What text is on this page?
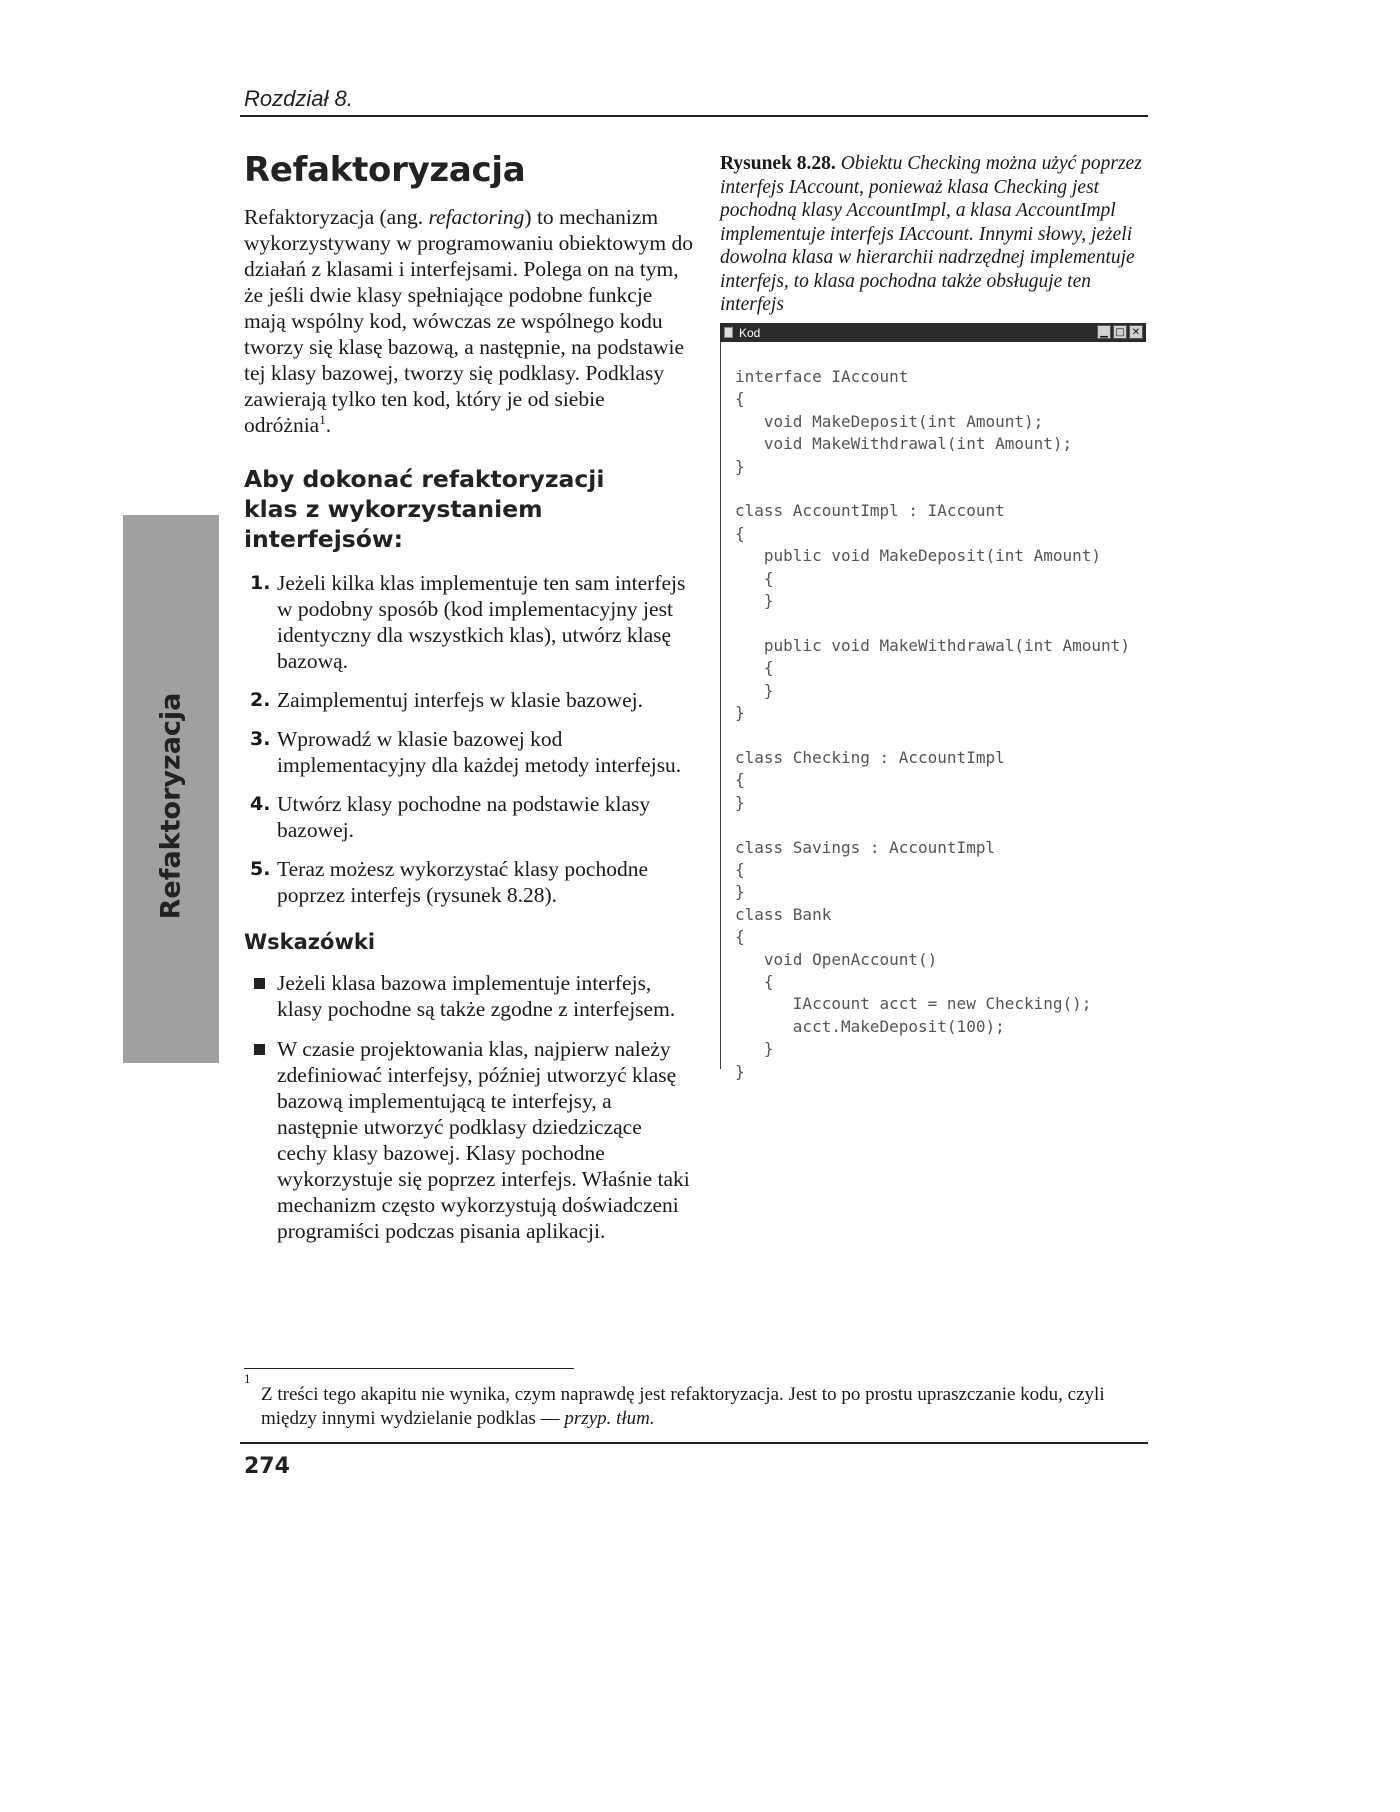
Rozdział 8.
Refaktoryzacja
Refaktoryzacja

Refaktoryzacja (ang. refactoring) to mechanizm wykorzystywany w programowaniu obiektowym do działań z klasami i interfejsami. Polega on na tym, że jeśli dwie klasy spełniające podobne funkcje mają wspólny kod, wówczas ze wspólnego kodu tworzy się klasę bazową, a następnie, na podstawie tej klasy bazowej, tworzy się podklasy. Podklasy zawierają tylko ten kod, który je od siebie odróżnia$^1$.

Aby dokonać refaktoryzacji klas z wykorzystaniem interfejsów:
1. Jeżeli kilka klas implementuje ten sam interfejs w podobny sposób (kod implementacyjny jest identyczny dla wszystkich klas), utwórz klasę bazową.
2. Zaimplementuj interfejs w klasie bazowej.
3. Wprowadź w klasie bazowej kod implementacyjny dla każdej metody interfejsu.
4. Utwórz klasy pochodne na podstawie klasy bazowej.
5. Teraz możesz wykorzystać klasy pochodne poprzez interfejs (rysunek 8.28).
Wskazówki
Jeżeli klasa bazowa implementuje interfejs, klasy pochodne są także zgodne z interfejsem.
W czasie projektowania klas, najpierw należy zdefiniować interfejsy, później utworzyć klasę bazową implementującą te interfejsy, a następnie utworzyć podklasy dziedziczące cechy klasy bazowej. Klasy pochodne wykorzystuje się poprzez interfejs. Właśnie taki mechanizm często wykorzystują doświadczeni programiści podczas pisania aplikacji.

Rysunek 8.28. Obiektu Checking można użyć poprzez interfejs IAccount, ponieważ klasa Checking jest pochodną klasy AccountImpl, a klasa AccountImpl implementuje interfejs IAccount. Innymi słowy, jeżeli dowolna klasa w hierarchii nadrzędnej implementuje interfejs, to klasa pochodna także obsługuje ten interfejs

Kod	▁ □ ✕
interface IAccount
{
void MakeDeposit(int Amount);
void MakeWithdrawal(int Amount);
}

class AccountImpl : IAccount
{
public void MakeDeposit(int Amount)
{
}

public void MakeWithdrawal(int Amount)
{
}
}

class Checking : AccountImpl
{
}

class Savings : AccountImpl
{
}
class Bank
{
void OpenAccount()
{
IAccount acct = new Checking();
acct.MakeDeposit(100);
}
}

1
Z treści tego akapitu nie wynika, czym naprawdę jest refaktoryzacja. Jest to po prostu upraszczanie kodu, czyli między innymi wydzielanie podklas — przyp. tłum.

274
